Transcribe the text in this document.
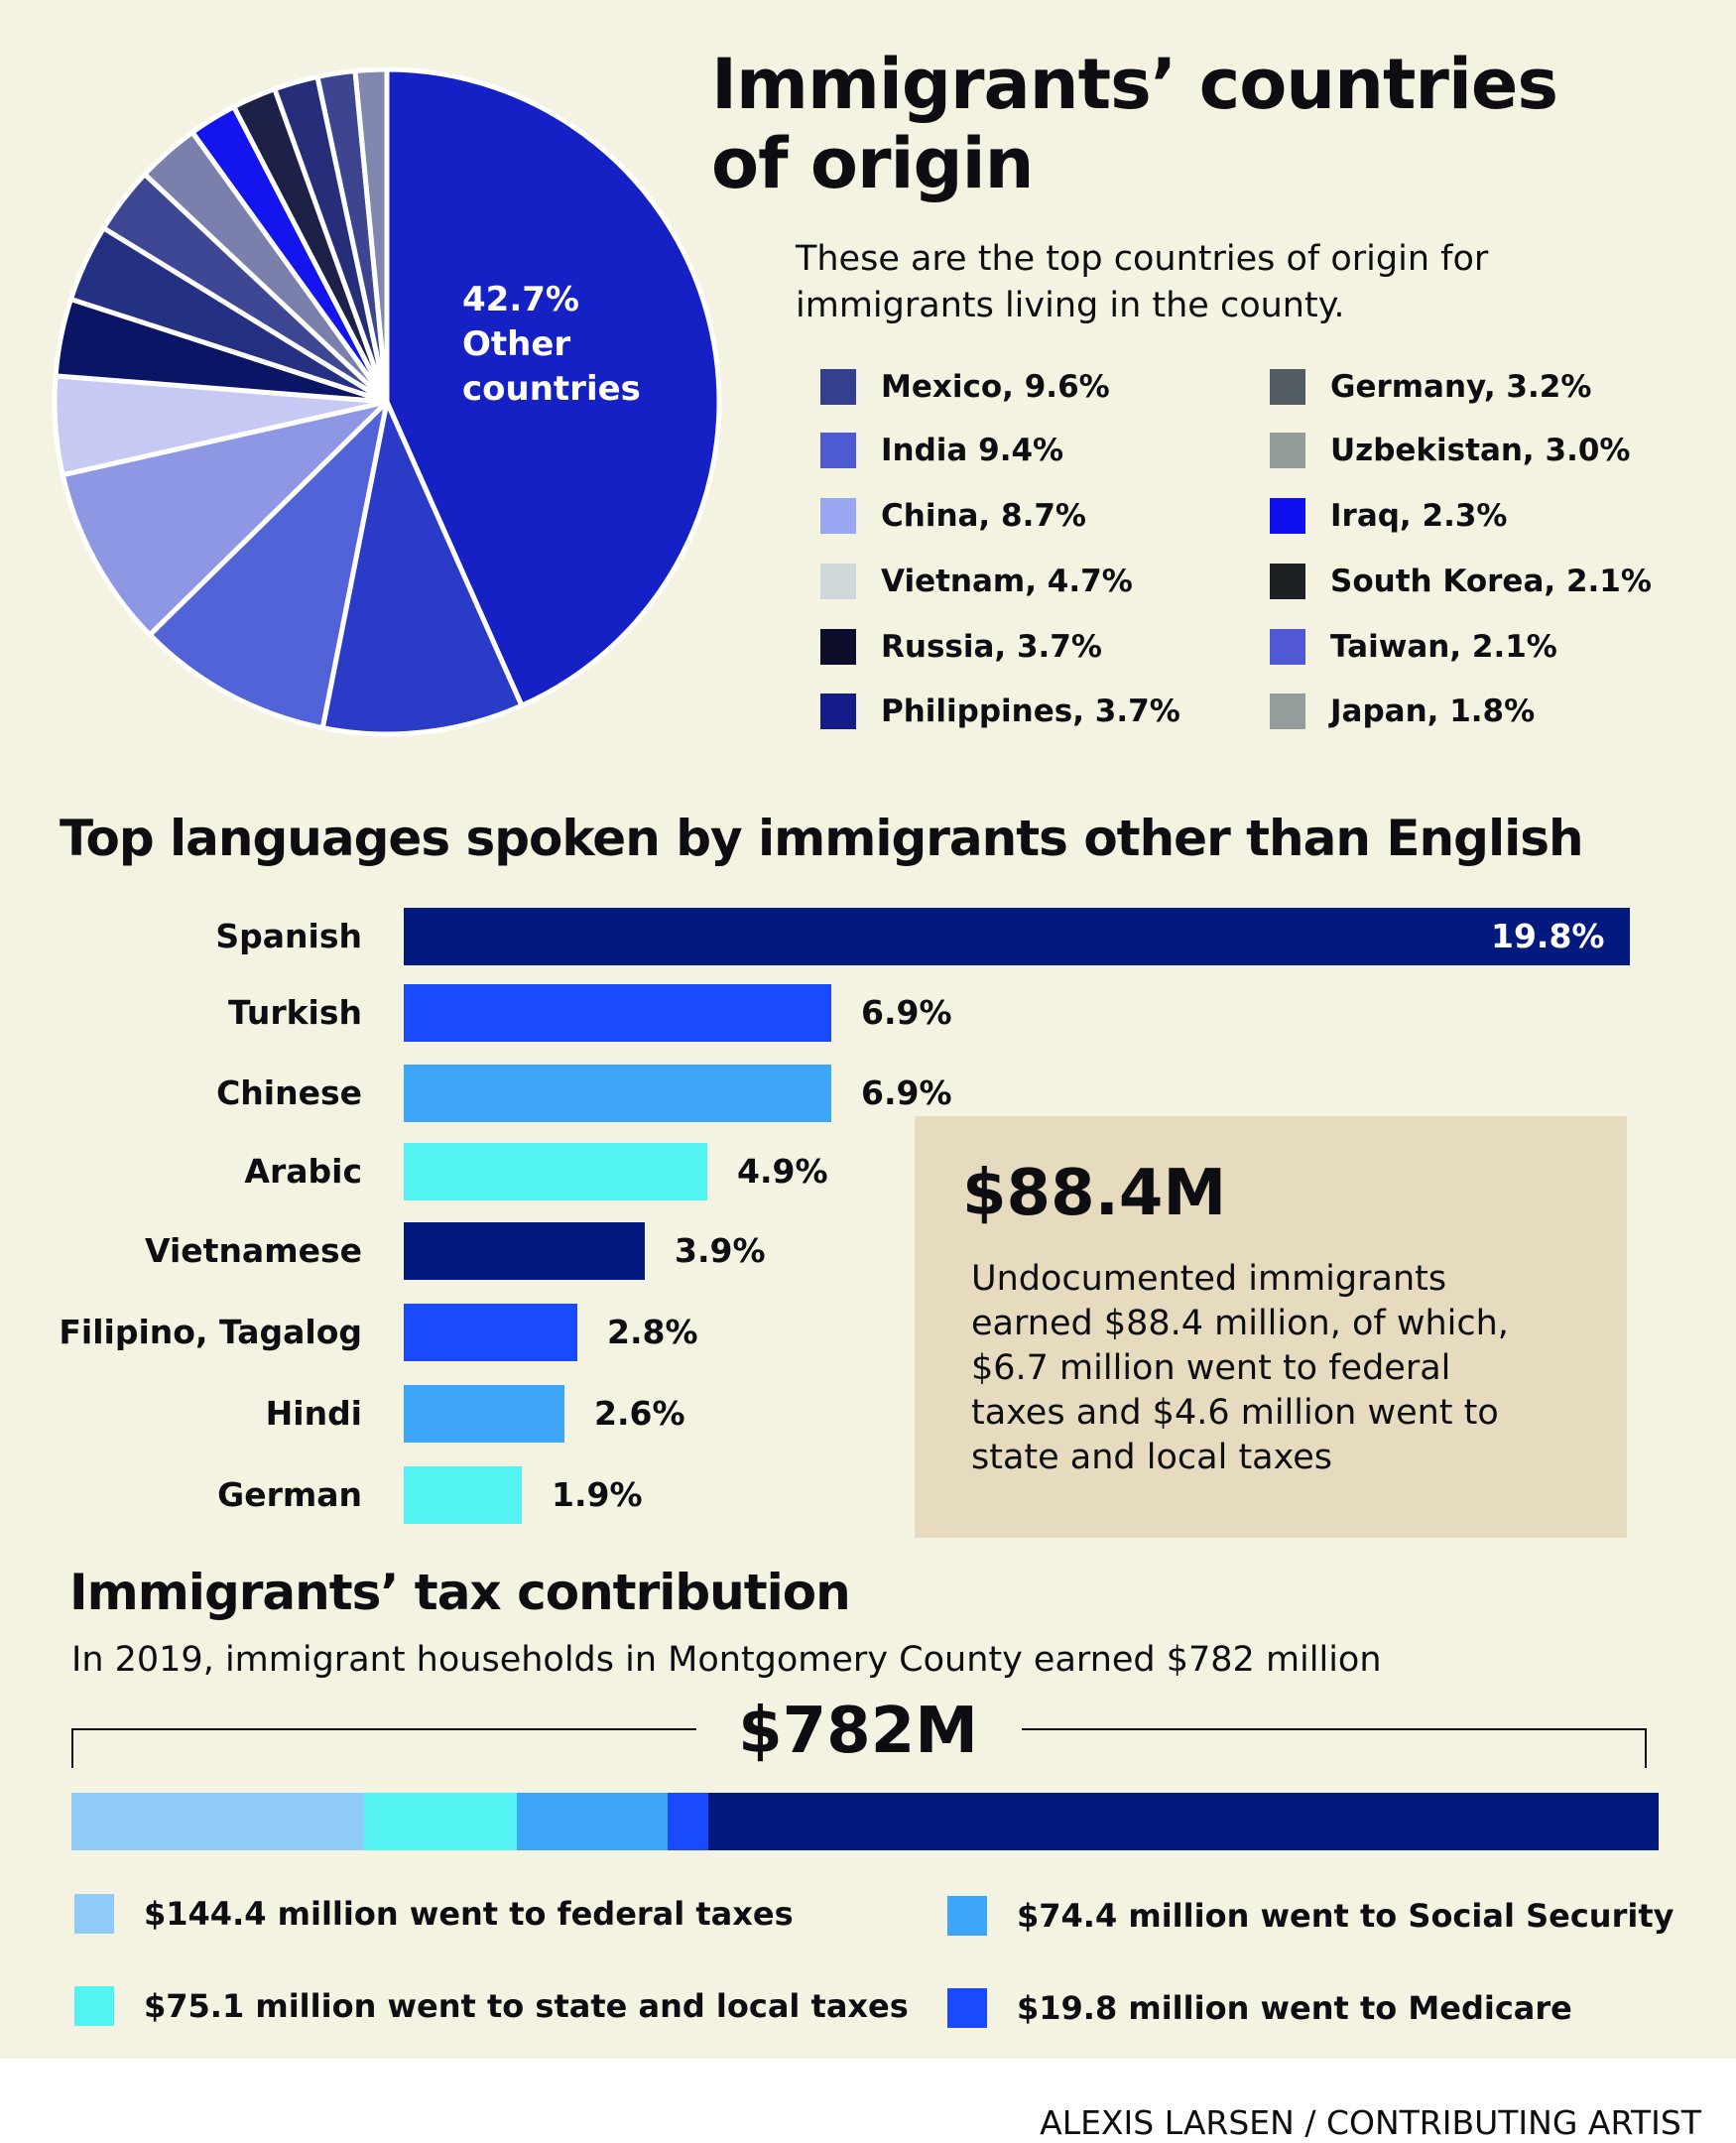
42.7%
Other
countries
Immigrants’ countries
of origin
These are the top countries of origin for
immigrants living in the county.
Mexico, 9.6%
India 9.4%
China, 8.7%
Vietnam, 4.7%
Russia, 3.7%
Philippines, 3.7%
Germany, 3.2%
Uzbekistan, 3.0%
Iraq, 2.3%
South Korea, 2.1%
Taiwan, 2.1%
Japan, 1.8%
Top languages spoken by immigrants other than English
Spanish	19.8%
Turkish	6.9%
Chinese	6.9%
Arabic	4.9%
Vietnamese	3.9%
Filipino, Tagalog	2.8%
Hindi	2.6%
German	1.9%
$88.4M
Undocumented immigrants
earned $88.4 million, of which,
$6.7 million went to federal
taxes and $4.6 million went to
state and local taxes
Immigrants’ tax contribution
In 2019, immigrant households in Montgomery County earned $782 million
$782M
$144.4 million went to federal taxes
$75.1 million went to state and local taxes
$74.4 million went to Social Security
$19.8 million went to Medicare
ALEXIS LARSEN / CONTRIBUTING ARTIST
